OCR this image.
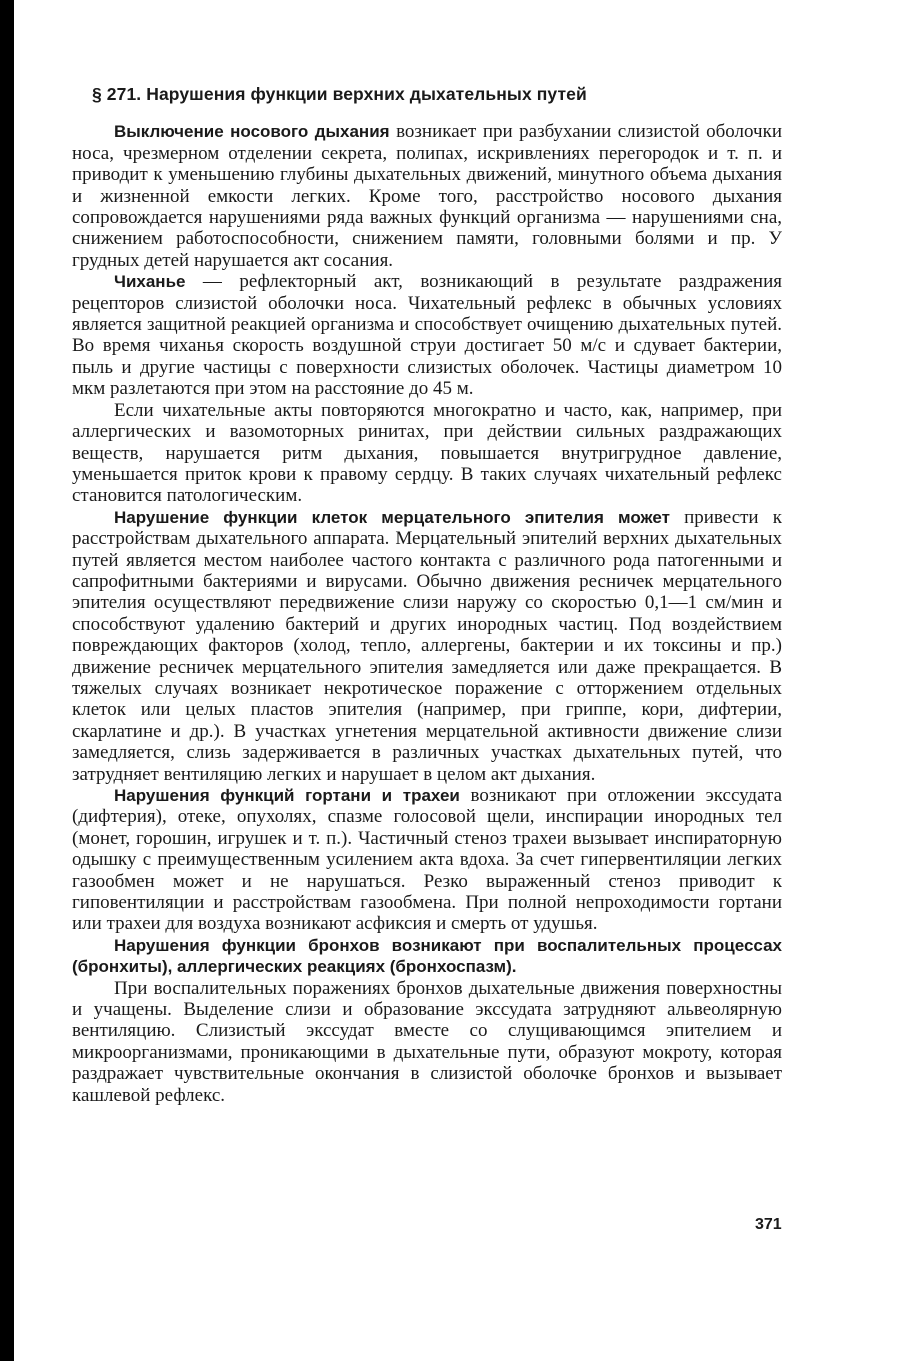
§ 271. Нарушения функции верхних дыхательных путей

Выключение носового дыхания возникает при разбухании слизистой оболочки носа, чрезмерном отделении секрета, полипах, искривлениях перегородок и т. п. и приводит к уменьшению глубины дыхательных движений, минутного объема дыхания и жизненной емкости легких. Кроме того, расстройство носового дыхания сопровождается нарушениями ряда важных функций организма — нарушениями сна, снижением работоспособности, снижением памяти, головными болями и пр. У грудных детей нарушается акт сосания.

Чиханье — рефлекторный акт, возникающий в результате раздражения рецепторов слизистой оболочки носа. Чихательный рефлекс в обычных условиях является защитной реакцией организма и способствует очищению дыхательных путей. Во время чиханья скорость воздушной струи достигает 50 м/с и сдувает бактерии, пыль и другие частицы с поверхности слизистых оболочек. Частицы диаметром 10 мкм разлетаются при этом на расстояние до 45 м.

Если чихательные акты повторяются многократно и часто, как, например, при аллергических и вазомоторных ринитах, при действии сильных раздражающих веществ, нарушается ритм дыхания, повышается внутригрудное давление, уменьшается приток крови к правому сердцу. В таких случаях чихательный рефлекс становится патологическим.

Нарушение функции клеток мерцательного эпителия может привести к расстройствам дыхательного аппарата. Мерцательный эпителий верхних дыхательных путей является местом наиболее частого контакта с различного рода патогенными и сапрофитными бактериями и вирусами. Обычно движения ресничек мерцательного эпителия осуществляют передвижение слизи наружу со скоростью 0,1—1 см/мин и способствуют удалению бактерий и других инородных частиц. Под воздействием повреждающих факторов (холод, тепло, аллергены, бактерии и их токсины и пр.) движение ресничек мерцательного эпителия замедляется или даже прекращается. В тяжелых случаях возникает некротическое поражение с отторжением отдельных клеток или целых пластов эпителия (например, при гриппе, кори, дифтерии, скарлатине и др.). В участках угнетения мерцательной активности движение слизи замедляется, слизь задерживается в различных участках дыхательных путей, что затрудняет вентиляцию легких и нарушает в целом акт дыхания.

Нарушения функций гортани и трахеи возникают при отложении экссудата (дифтерия), отеке, опухолях, спазме голосовой щели, инспирации инородных тел (монет, горошин, игрушек и т. п.). Частичный стеноз трахеи вызывает инспираторную одышку с преимущественным усилением акта вдоха. За счет гипервентиляции легких газообмен может и не нарушаться. Резко выраженный стеноз приводит к гиповентиляции и расстройствам газообмена. При полной непроходимости гортани или трахеи для воздуха возникают асфиксия и смерть от удушья.

Нарушения функции бронхов возникают при воспалительных процессах (бронхиты), аллергических реакциях (бронхоспазм).

При воспалительных поражениях бронхов дыхательные движения поверхностны и учащены. Выделение слизи и образование экссудата затрудняют альвеолярную вентиляцию. Слизистый экссудат вместе со слущивающимся эпителием и микроорганизмами, проникающими в дыхательные пути, образуют мокроту, которая раздражает чувствительные окончания в слизистой оболочке бронхов и вызывает кашлевой рефлекс.

371
